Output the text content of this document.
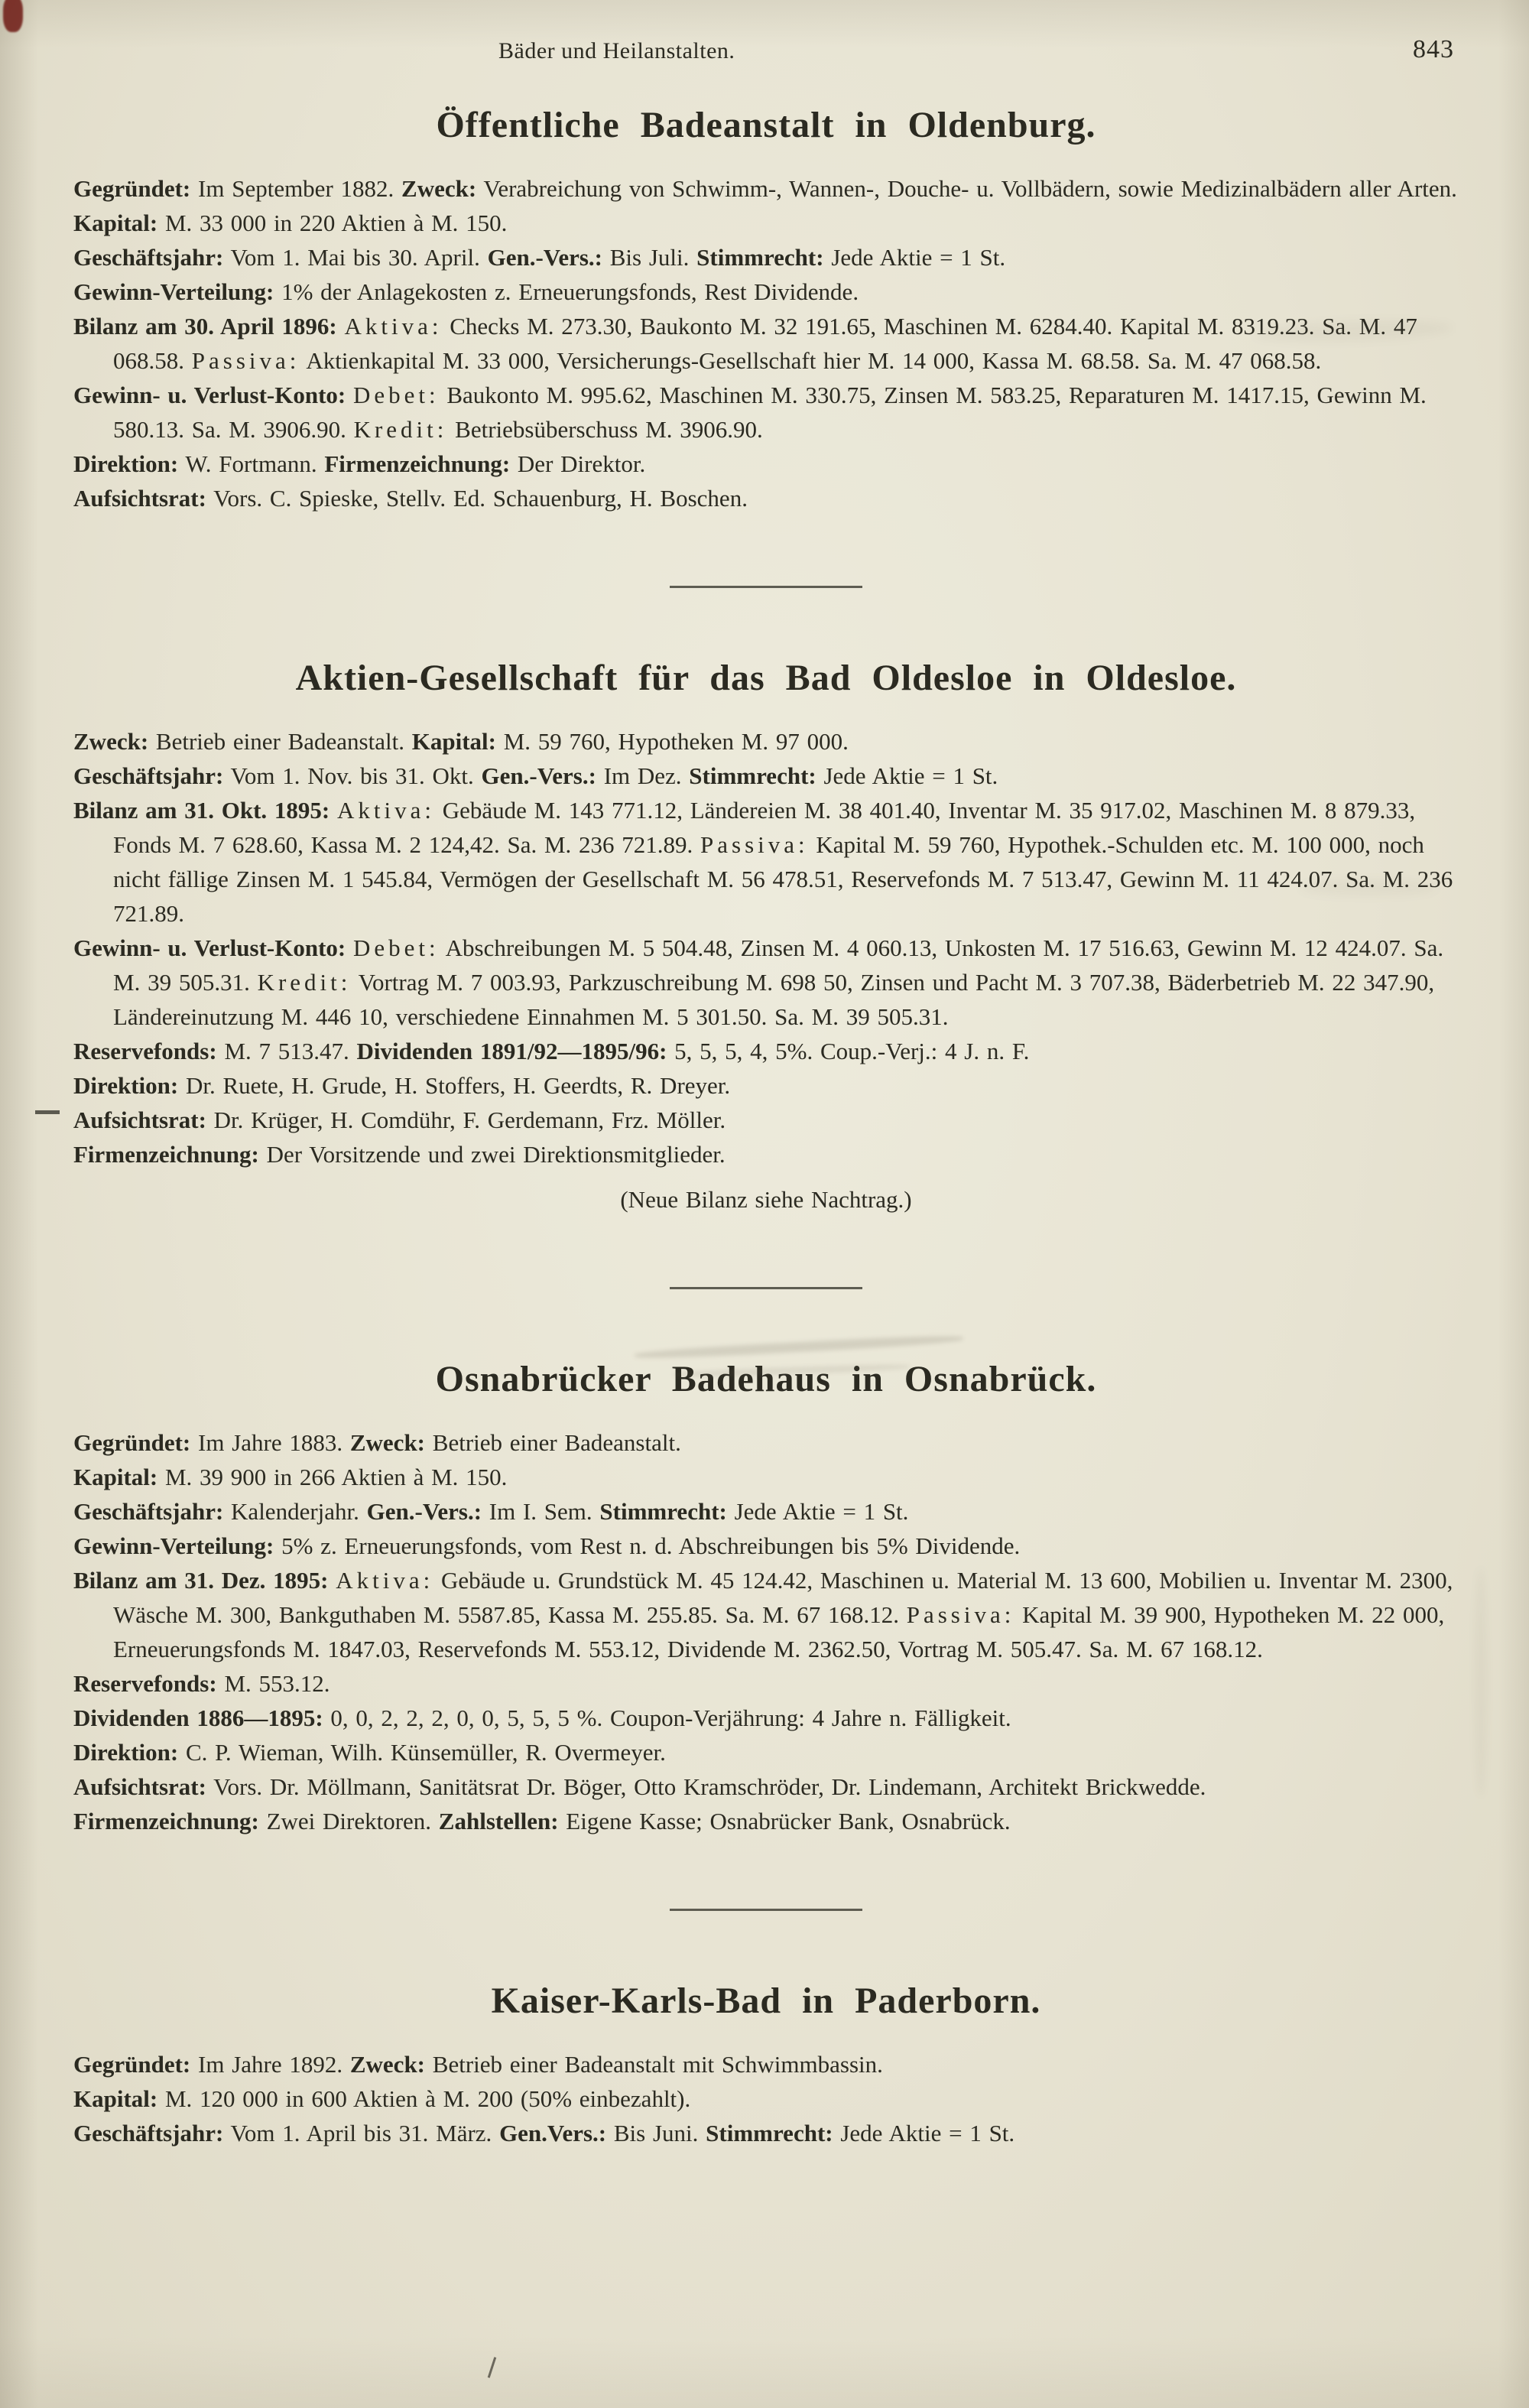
Bäder und Heilanstalten.	843
Öffentliche Badeanstalt in Oldenburg.

Gegründet: Im September 1882. Zweck: Verabreichung von Schwimm-, Wannen-, Douche- u. Vollbädern, sowie Medizinalbädern aller Arten.

Kapital: M. 33 000 in 220 Aktien à M. 150.

Geschäftsjahr: Vom 1. Mai bis 30. April. Gen.-Vers.: Bis Juli. Stimmrecht: Jede Aktie = 1 St.

Gewinn-Verteilung: 1% der Anlagekosten z. Erneuerungsfonds, Rest Dividende.

Bilanz am 30. April 1896: Aktiva: Checks M. 273.30, Baukonto M. 32 191.65, Maschinen M. 6284.40. Kapital M. 8319.23. Sa. M. 47 068.58. Passiva: Aktienkapital M. 33 000, Versicherungs-Gesellschaft hier M. 14 000, Kassa M. 68.58. Sa. M. 47 068.58.

Gewinn- u. Verlust-Konto: Debet: Baukonto M. 995.62, Maschinen M. 330.75, Zinsen M. 583.25, Reparaturen M. 1417.15, Gewinn M. 580.13. Sa. M. 3906.90. Kredit: Betriebsüberschuss M. 3906.90.

Direktion: W. Fortmann. Firmenzeichnung: Der Direktor.

Aufsichtsrat: Vors. C. Spieske, Stellv. Ed. Schauenburg, H. Boschen.

Aktien-Gesellschaft für das Bad Oldesloe in Oldesloe.

Zweck: Betrieb einer Badeanstalt. Kapital: M. 59 760, Hypotheken M. 97 000.

Geschäftsjahr: Vom 1. Nov. bis 31. Okt. Gen.-Vers.: Im Dez. Stimmrecht: Jede Aktie = 1 St.

Bilanz am 31. Okt. 1895: Aktiva: Gebäude M. 143 771.12, Ländereien M. 38 401.40, Inventar M. 35 917.02, Maschinen M. 8 879.33, Fonds M. 7 628.60, Kassa M. 2 124,42. Sa. M. 236 721.89. Passiva: Kapital M. 59 760, Hypothek.-Schulden etc. M. 100 000, noch nicht fällige Zinsen M. 1 545.84, Vermögen der Gesellschaft M. 56 478.51, Reservefonds M. 7 513.47, Gewinn M. 11 424.07. Sa. M. 236 721.89.

Gewinn- u. Verlust-Konto: Debet: Abschreibungen M. 5 504.48, Zinsen M. 4 060.13, Unkosten M. 17 516.63, Gewinn M. 12 424.07. Sa. M. 39 505.31. Kredit: Vortrag M. 7 003.93, Parkzuschreibung M. 698 50, Zinsen und Pacht M. 3 707.38, Bäderbetrieb M. 22 347.90, Ländereinutzung M. 446 10, verschiedene Einnahmen M. 5 301.50. Sa. M. 39 505.31.

Reservefonds: M. 7 513.47. Dividenden 1891/92—1895/96: 5, 5, 5, 4, 5%. Coup.-Verj.: 4 J. n. F.

Direktion: Dr. Ruete, H. Grude, H. Stoffers, H. Geerdts, R. Dreyer.

Aufsichtsrat: Dr. Krüger, H. Comdühr, F. Gerdemann, Frz. Möller.

Firmenzeichnung: Der Vorsitzende und zwei Direktionsmitglieder.

(Neue Bilanz siehe Nachtrag.)

Osnabrücker Badehaus in Osnabrück.

Gegründet: Im Jahre 1883. Zweck: Betrieb einer Badeanstalt.

Kapital: M. 39 900 in 266 Aktien à M. 150.

Geschäftsjahr: Kalenderjahr. Gen.-Vers.: Im I. Sem. Stimmrecht: Jede Aktie = 1 St.

Gewinn-Verteilung: 5% z. Erneuerungsfonds, vom Rest n. d. Abschreibungen bis 5% Dividende.

Bilanz am 31. Dez. 1895: Aktiva: Gebäude u. Grundstück M. 45 124.42, Maschinen u. Material M. 13 600, Mobilien u. Inventar M. 2300, Wäsche M. 300, Bankguthaben M. 5587.85, Kassa M. 255.85. Sa. M. 67 168.12. Passiva: Kapital M. 39 900, Hypotheken M. 22 000, Erneuerungsfonds M. 1847.03, Reservefonds M. 553.12, Dividende M. 2362.50, Vortrag M. 505.47. Sa. M. 67 168.12.

Reservefonds: M. 553.12.

Dividenden 1886—1895: 0, 0, 2, 2, 2, 0, 0, 5, 5, 5 %. Coupon-Verjährung: 4 Jahre n. Fälligkeit.

Direktion: C. P. Wieman, Wilh. Künsemüller, R. Overmeyer.

Aufsichtsrat: Vors. Dr. Möllmann, Sanitätsrat Dr. Böger, Otto Kramschröder, Dr. Lindemann, Architekt Brickwedde.

Firmenzeichnung: Zwei Direktoren. Zahlstellen: Eigene Kasse; Osnabrücker Bank, Osnabrück.

Kaiser-Karls-Bad in Paderborn.

Gegründet: Im Jahre 1892. Zweck: Betrieb einer Badeanstalt mit Schwimmbassin.

Kapital: M. 120 000 in 600 Aktien à M. 200 (50% einbezahlt).

Geschäftsjahr: Vom 1. April bis 31. März. Gen.Vers.: Bis Juni. Stimmrecht: Jede Aktie = 1 St.
